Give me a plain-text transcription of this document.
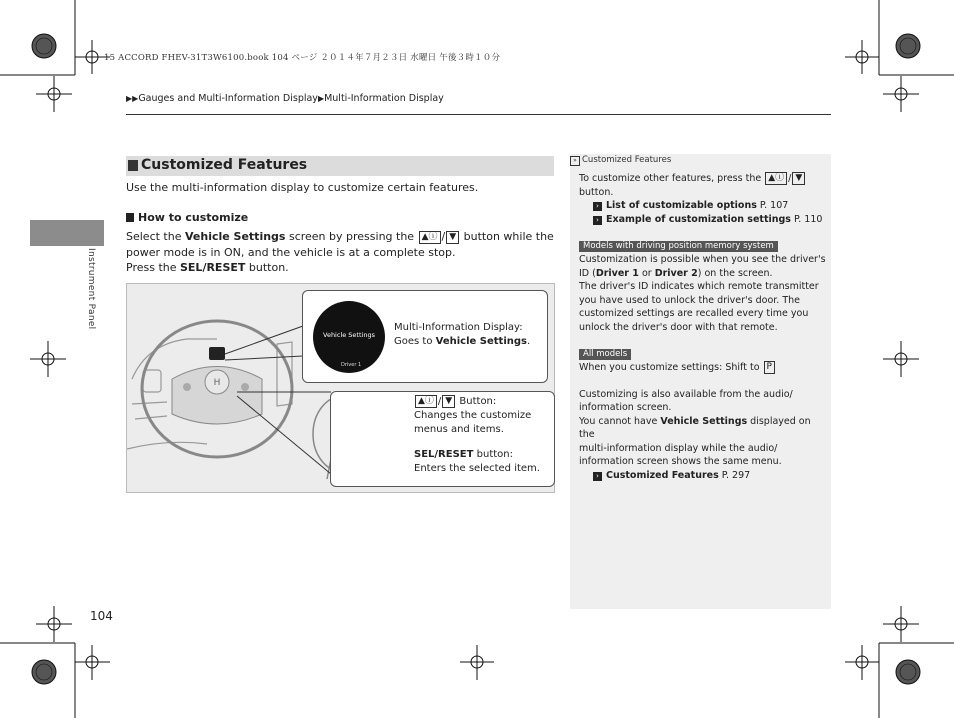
15 ACCORD FHEV-31T3W6100.book 104 ページ ２０１４年７月２３日 水曜日 午後３時１０分
▶▶Gauges and Multi-Information Display▶Multi-Information Display
Instrument Panel
Customized Features
Use the multi-information display to customize certain features.
How to customize
Select the Vehicle Settings screen by pressing the ▲ⓘ / ▼ button while the power mode is in ON, and the vehicle is at a complete stop.
Press the SEL/RESET button.
H
Vehicle Settings
Driver 1
Multi-Information Display:
Goes to Vehicle Settings.
▲ⓘ / ▼ Button:
Changes the customize
menus and items.
SEL/RESET button:
Enters the selected item.
» Customized Features
To customize other features, press the ▲ⓘ / ▼
button.
› List of customizable options P. 107
› Example of customization settings P. 110
Models with driving position memory system
Customization is possible when you see the driver's
ID (Driver 1 or Driver 2) on the screen.
The driver's ID indicates which remote transmitter
you have used to unlock the driver's door. The
customized settings are recalled every time you
unlock the driver's door with that remote.
All models
When you customize settings: Shift to P
Customizing is also available from the audio/
information screen.
You cannot have Vehicle Settings displayed on the
multi-information display while the audio/
information screen shows the same menu.
› Customized Features P. 297
104
